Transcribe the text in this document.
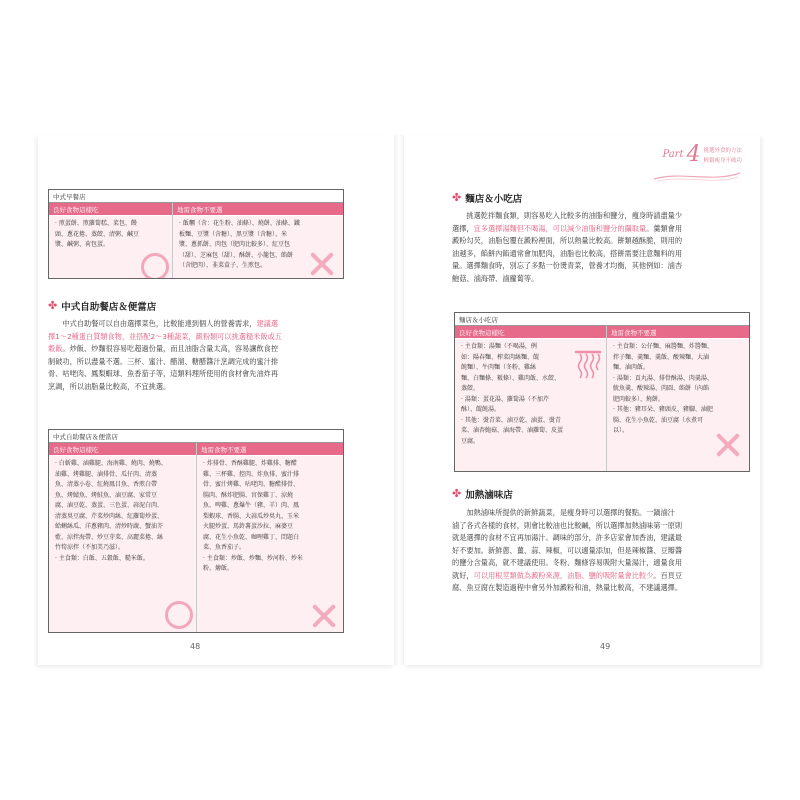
中式早餐店
良好食物這樣吃
‧ 煎蛋餅、煎蘿蔔糕、菜包、饅
頭、蔥花捲、蒸餃、清粥、鹹豆
漿、鹹粥、荷包蛋。
地雷食物不要選
‧ 飯糰（含：花生粉、油條）、燒餅、油條、鐵
板麵、豆漿（含糖）、黑豆漿（含糖）、米
漿、蔥抓餅、肉包（肥肉比較多）、紅豆包
（甜）、芝麻包（甜）、酥餅、小籠包、餡餅
（含肥肉）、韭菜盒子、生煎包。
✤ 中式自助餐店＆便當店
　　中式自助餐可以自由選擇菜色，比較能達到個人的營養需求，建議選
擇1～2種蛋白質類食物，並搭配2～3種蔬菜，澱粉類可以挑選糙米飯或五
穀飯。炒飯、炒麵很容易吃超過份量，而且油脂含量太高，容易讓飲食控
制破功，所以盡量不選。三杯、蜜汁、醋溜、糖醋醬汁烹調完成的蜜汁排
骨、咕咾肉、鳳梨蝦球、魚香茄子等，這類料理所使用的食材會先油炸再
烹調，所以油脂量比較高，不宜挑選。
中式自助餐店＆便當店
良好食物這樣吃
‧ 白斬雞、滷雞腿、海南雞、燒肉、燒鴨、
油雞、烤雞腿、滷排骨、瓜仔肉、清蒸
魚、清蒸小卷、紅燒鳳目魚、香煎白帶
魚、烤鯖魚、烤鮭魚、滷豆腐、家常豆
腐、滷豆乾、蒸蛋、三色蛋、蒜泥白肉、
清蒸臭豆腐、芹菜炒肉絲、紅蘿蔔炒蛋、
蛤蜊絲瓜、洋蔥豬肉、清炒時蔬、蟹油芥
藍、涼拌海帶、炒豆芽菜、高麗菜捲、絲
竹筍涼拌（不加美乃滋）。
‧ 主食類：白飯、五穀飯、糙米飯。
地雷食物不要選
‧ 炸排骨、香酥雞腿、炸雞排、糖醋
雞、三杯雞、控肉、炸魚排、蜜汁排
骨、蜜汁烤雞、咕咾肉、糖醋排骨、
腸肉、酥炸肥腸、宮保雞丁、涼燒
魚、啤雞、蔥爆牛（豬、羊）肉、鳳
梨蝦球、香腸、大蒜瓜炒臭丸、玉米
火腿炒蛋、馬鈴薯蛋沙拉、麻婆豆
腐、花生小魚乾、咖哩雞丁、問題白
菜、魚香茄子。
‧ 主食類：炒飯、炒麵、炒河粉、炒米
粉、燴飯。
48
Part 4 挑選外食的方法
輕鬆瘦身不破功
✤ 麵店＆小吃店
　　挑選乾拌麵食類，則容易吃入比較多的油脂和鹽分，瘦身時請盡量少
選擇，宜多選擇湯麵但不喝湯，可以減少油脂和鹽分的攝取量。羹類會用
澱粉勾芡，油脂包覆在澱粉裡面，所以熱量比較高。餅類越酥脆，則用的
油越多，餡餅內餡通常會加肥肉，油脂也比較高，搭餅需要注意麵料的用
量。選擇麵食時，別忘了多點一份燙青菜，營養才均衡，其他例如：滷杏
鮑菇、滷海帶、滷蘿蔔等。
麵店＆小吃店
良好食物這樣吃
‧ 主食類：湯麵（不喝湯，例
如：陽春麵、榨菜肉絲麵、餛
飩麵）、牛肉麵（冬粉、雞絲
麵、白麵條、粄條）、雞肉飯、水餃、
蒸餃。
‧ 湯類：蛋花湯、蘿蔔湯（不加芹
酥）、餛飩湯。
‧ 其他：燙青菜、滷豆乾、滷蛋、燙青
菜、滷杏鮑菇、滷海帶、滷蘿蔔、皮蛋
豆腐。
地雷食物不要選
‧ 主食類：公仔麵、麻醬麵、炸醬麵、
拌子麵、羹麵、羹飯、酸辣麵、大滷
麵、滷肉飯。
‧ 湯類：貢丸湯、排骨酥湯、肉羹湯、
魷魚羹、酸辣湯、肉圓、餡餅（內餡
肥肉較多）、燒餅。
‧ 其他：豬耳朵、豬頭皮、豬腳、滷肥
腸、花生小魚乾、油豆腐（水煮可
以）。
✤ 加熱滷味店
　　加熱滷味所提供的新鮮蔬菜，是瘦身時可以選擇的餐點。一鍋滷汁
滷了各式各樣的食材，則會比較油也比較鹹，所以選擇加熱滷味第一原則
就是選擇的食材不宜再加湯汁。調味的部分，許多店家會加香油，建議最
好不要加。新鮮蔥、薑、蒜、辣椒，可以適量添加，但是辣椒醬、豆瓣醬
的鹽分含量高，就不建議使用。冬粉、麵條容易吸附大量湯汁，適量食用
就好，可以用根莖類做為澱粉來源，油脂、鹽的吸附量會比較少。百頁豆
腐、魚豆腐在製造過程中會另外加澱粉和油，熱量比較高，不建議選擇。
49
